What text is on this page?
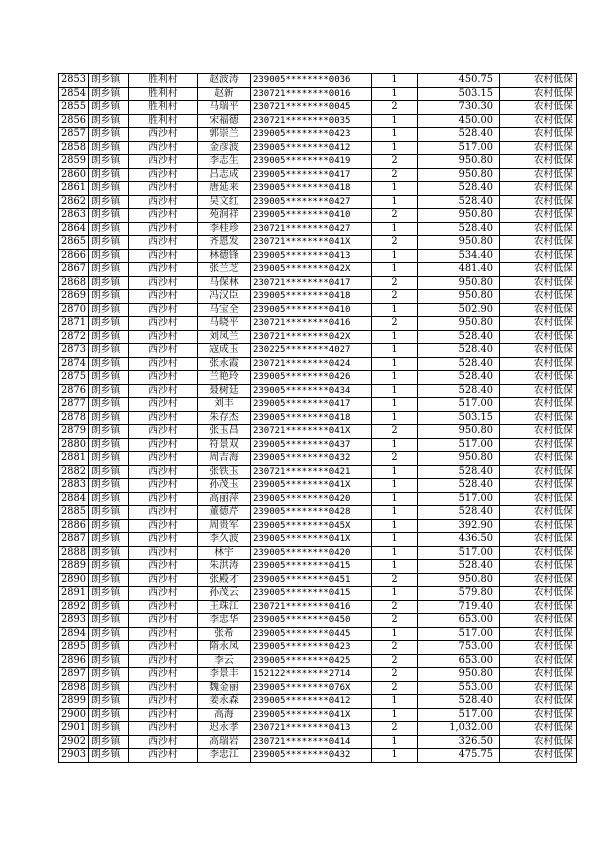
2853	朗乡镇	胜利村	赵波涛	239005********0036	1	450.75	农村低保
2854	朗乡镇	胜利村	赵新	230721********0016	1	503.15	农村低保
2855	朗乡镇	胜利村	马瑞平	230721********0045	2	730.30	农村低保
2856	朗乡镇	胜利村	宋福德	230721********0035	1	450.00	农村低保
2857	朗乡镇	西沙村	郭崇兰	239005********0423	1	528.40	农村低保
2858	朗乡镇	西沙村	金彦波	239005********0412	1	517.00	农村低保
2859	朗乡镇	西沙村	李志生	239005********0419	2	950.80	农村低保
2860	朗乡镇	西沙村	吕志成	239005********0417	2	950.80	农村低保
2861	朗乡镇	西沙村	唐延来	239005********0418	1	528.40	农村低保
2862	朗乡镇	西沙村	吴文红	239005********0427	1	528.40	农村低保
2863	朗乡镇	西沙村	苑润祥	239005********0410	2	950.80	农村低保
2864	朗乡镇	西沙村	李桂珍	230721********0427	1	528.40	农村低保
2865	朗乡镇	西沙村	齐恩发	230721********041X	2	950.80	农村低保
2866	朗乡镇	西沙村	林德锋	239005********0413	1	534.40	农村低保
2867	朗乡镇	西沙村	张兰芝	239005********042X	1	481.40	农村低保
2868	朗乡镇	西沙村	马保林	230721********0417	2	950.80	农村低保
2869	朗乡镇	西沙村	冯汉臣	239005********0418	2	950.80	农村低保
2870	朗乡镇	西沙村	马宝全	239005********0410	1	502.90	农村低保
2871	朗乡镇	西沙村	马晓平	230721********0416	2	950.80	农村低保
2872	朗乡镇	西沙村	刘凤兰	230721********042X	1	528.40	农村低保
2873	朗乡镇	西沙村	寇成玉	230225********4027	1	528.40	农村低保
2874	朗乡镇	西沙村	张永霞	230721********0424	1	528.40	农村低保
2875	朗乡镇	西沙村	兰艳玲	239005********0426	1	528.40	农村低保
2876	朗乡镇	西沙村	聂树廷	239005********0434	1	528.40	农村低保
2877	朗乡镇	西沙村	刘丰	239005********0417	1	517.00	农村低保
2878	朗乡镇	西沙村	朱存杰	239005********0418	1	503.15	农村低保
2879	朗乡镇	西沙村	张玉昌	230721********041X	2	950.80	农村低保
2880	朗乡镇	西沙村	符景双	239005********0437	1	517.00	农村低保
2881	朗乡镇	西沙村	周吉海	239005********0432	2	950.80	农村低保
2882	朗乡镇	西沙村	张铁玉	230721********0421	1	528.40	农村低保
2883	朗乡镇	西沙村	孙茂玉	239005********041X	1	528.40	农村低保
2884	朗乡镇	西沙村	高丽萍	239005********0420	1	517.00	农村低保
2885	朗乡镇	西沙村	董德芹	239005********0428	1	528.40	农村低保
2886	朗乡镇	西沙村	周贵军	239005********045X	1	392.90	农村低保
2887	朗乡镇	西沙村	李久波	239005********041X	1	436.50	农村低保
2888	朗乡镇	西沙村	林宇	239005********0420	1	517.00	农村低保
2889	朗乡镇	西沙村	朱洪涛	239005********0415	1	528.40	农村低保
2890	朗乡镇	西沙村	张殿才	239005********0451	2	950.80	农村低保
2891	朗乡镇	西沙村	孙茂云	239005********0415	1	579.80	农村低保
2892	朗乡镇	西沙村	王珠江	230721********0416	2	719.40	农村低保
2893	朗乡镇	西沙村	李忠华	239005********0450	2	653.00	农村低保
2894	朗乡镇	西沙村	张希	239005********0445	1	517.00	农村低保
2895	朗乡镇	西沙村	隋永凤	239005********0423	2	753.00	农村低保
2896	朗乡镇	西沙村	李云	239005********0425	2	653.00	农村低保
2897	朗乡镇	西沙村	李景丰	152122********2714	2	950.80	农村低保
2898	朗乡镇	西沙村	魏金丽	239005********076X	2	553.00	农村低保
2899	朗乡镇	西沙村	姜永森	239005********0412	1	528.40	农村低保
2900	朗乡镇	西沙村	高海	239005********041X	1	517.00	农村低保
2901	朗乡镇	西沙村	迟永孝	230721********0413	2	1,032.00	农村低保
2902	朗乡镇	西沙村	高瑞岩	230721********0414	1	326.50	农村低保
2903	朗乡镇	西沙村	李忠江	239005********0432	1	475.75	农村低保
